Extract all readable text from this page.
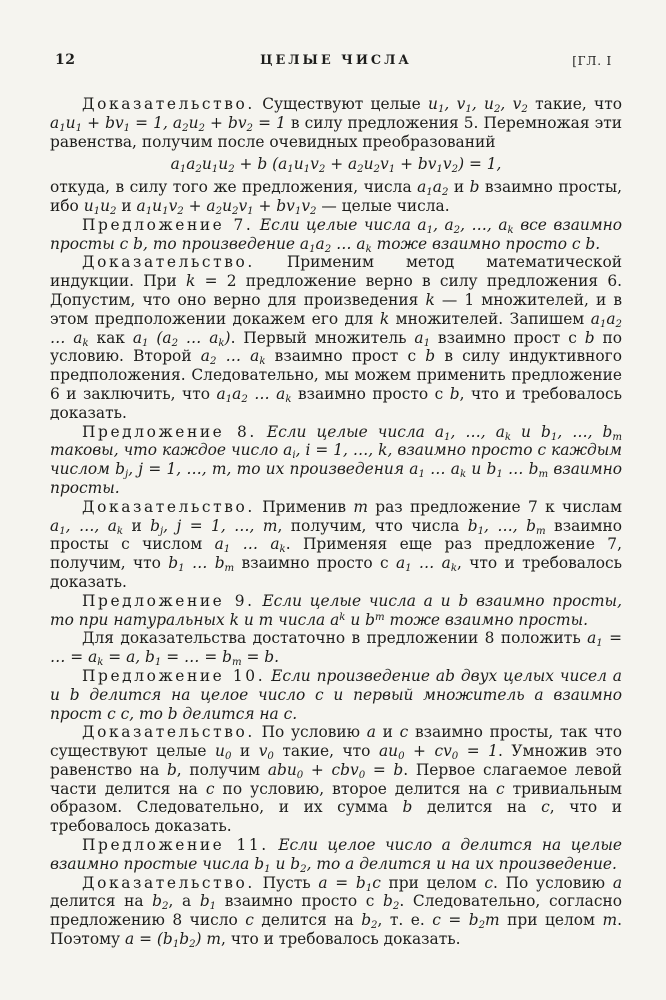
12	ЦЕЛЫЕ ЧИСЛА	[ГЛ. I

Доказательство. Существуют целые $u_1$, $v_1$, $u_2$, $v_2$ такие, что $a_1u_1 + bv_1 = 1$, $a_2u_2 + bv_2 = 1$ в силу предложения 5. Перемножая эти равенства, получим после очевидных преобразований

$a_1a_2u_1u_2 + b$ $(a_1u_1v_2 + a_2u_2v_1 + bv_1v_2) = 1$,

откуда, в силу того же предложения, числа $a_1a_2$ и b взаимно просты, ибо $u_1u_2$ и $a_1u_1v_2 + a_2u_2v_1 + bv_1v_2$ — целые числа.

Предложение 7. Если целые числа $a_1$, $a_2$, …, $a_k$ все взаимно просты с b, то произведение $a_1a_2$ … $a_k$ тоже взаимно просто с b.

Доказательство. Применим метод математической индукции. При k = 2 предложение верно в силу предложения 6. Допустим, что оно верно для произведения k — 1 множителей, и в этом предположении докажем его для k множителей. Запишем $a_1a_2$ … $a_k$ как $a_1$ ($a_2$ … $a_k$). Первый множитель $a_1$ взаимно прост с b по условию. Второй $a_2$ … $a_k$ взаимно прост с b в силу индуктивного предположения. Следовательно, мы можем применить предложение 6 и заключить, что $a_1a_2$ … $a_k$ взаимно просто с b, что и требовалось доказать.

Предложение 8. Если целые числа $a_1$, …, $a_k$ и $b_1$, …, $b_m$ таковы, что каждое число $a_i$, i = 1, …, k, взаимно просто с каждым числом $b_j$, j = 1, …, m, то их произведения $a_1$ … $a_k$ и $b_1$ … $b_m$ взаимно просты.

Доказательство. Применив m раз предложение 7 к числам $a_1$, …, $a_k$ и $b_j$, j = 1, …, m, получим, что числа $b_1$, …, $b_m$ взаимно просты с числом $a_1$ … $a_k$. Применяя еще раз предложение 7, получим, что $b_1$ … $b_m$ взаимно просто с $a_1$ … $a_k$, что и требовалось доказать.

Предложение 9. Если целые числа a и b взаимно просты, то при натуральных k и m числа $a^k$ и $b^m$ тоже взаимно просты.

Для доказательства достаточно в предложении 8 положить $a_1$ = … = $a_k = a$, $b_1$ = … = $b_m = b$.

Предложение 10. Если произведение ab двух целых чисел a и b делится на целое число c и первый множитель a взаимно прост с c, то b делится на c.

Доказательство. По условию a и c взаимно просты, так что существуют целые $u_0$ и $v_0$ такие, что $au_0 + cv_0 = 1$. Умножив это равенство на b, получим abu$_0$ + cbv$_0$ = b. Первое слагаемое левой части делится на c по условию, второе делится на c тривиальным образом. Следовательно, и их сумма b делится на c, что и требовалось доказать.

Предложение 11. Если целое число a делится на целые взаимно простые числа $b_1$ и $b_2$, то a делится и на их произведение.

Доказательство. Пусть $a = b_1c$ при целом c. По условию a делится на $b_2$, а $b_1$ взаимно просто с $b_2$. Следовательно, согласно предложению 8 число c делится на $b_2$, т. е. $c = b_2m$ при целом m. Поэтому $a = (b_1b_2)$ m, что и требовалось доказать.
